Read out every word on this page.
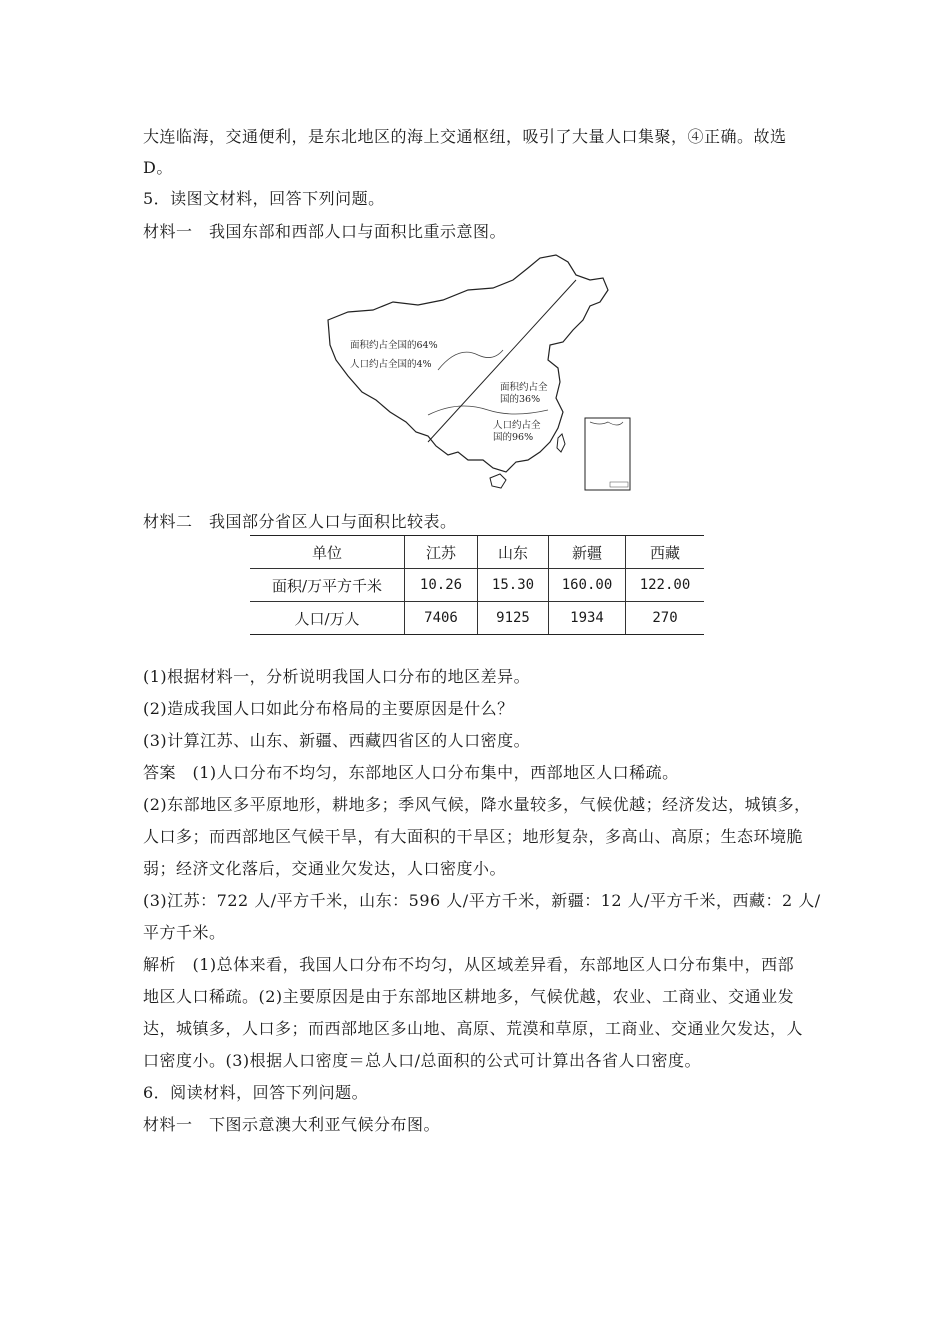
大连临海，交通便利，是东北地区的海上交通枢纽，吸引了大量人口集聚，④正确。故选
D。
5．读图文材料，回答下列问题。
材料一　我国东部和西部人口与面积比重示意图。
面积约占全国的64%
人口约占全国的4%
面积约占全
国的36%
人口约占全
国的96%
材料二　我国部分省区人口与面积比较表。
单位	江苏	山东	新疆	西藏
面积/万平方千米	10.26	15.30	160.00	122.00
人口/万人	7406	9125	1934	270
(1)根据材料一，分析说明我国人口分布的地区差异。
(2)造成我国人口如此分布格局的主要原因是什么？
(3)计算江苏、山东、新疆、西藏四省区的人口密度。
答案　(1)人口分布不均匀，东部地区人口分布集中，西部地区人口稀疏。
(2)东部地区多平原地形，耕地多；季风气候，降水量较多，气候优越；经济发达，城镇多，
人口多；而西部地区气候干旱，有大面积的干旱区；地形复杂，多高山、高原；生态环境脆
弱；经济文化落后，交通业欠发达，人口密度小。
(3)江苏：722 人/平方千米，山东：596 人/平方千米，新疆：12 人/平方千米，西藏：2 人/
平方千米。
解析　(1)总体来看，我国人口分布不均匀，从区域差异看，东部地区人口分布集中，西部
地区人口稀疏。(2)主要原因是由于东部地区耕地多，气候优越，农业、工商业、交通业发
达，城镇多，人口多；而西部地区多山地、高原、荒漠和草原，工商业、交通业欠发达，人
口密度小。(3)根据人口密度＝总人口/总面积的公式可计算出各省人口密度。
6．阅读材料，回答下列问题。
材料一　下图示意澳大利亚气候分布图。
